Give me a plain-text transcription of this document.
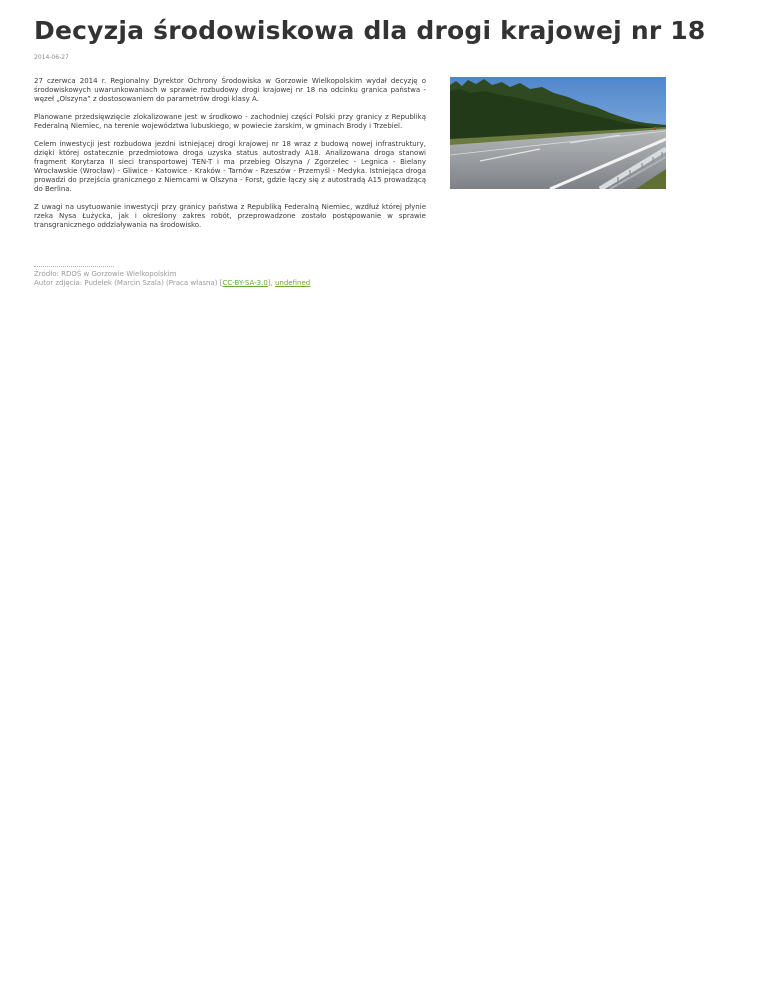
Decyzja środowiskowa dla drogi krajowej nr 18
2014-06-27

27 czerwca 2014 r. Regionalny Dyrektor Ochrony Środowiska w Gorzowie Wielkopolskim wydał decyzję o środowiskowych uwarunkowaniach w sprawie rozbudowy drogi krajowej nr 18 na odcinku granica państwa - węzeł „Olszyna” z dostosowaniem do parametrów drogi klasy A.

Planowane przedsięwzięcie zlokalizowane jest w środkowo - zachodniej części Polski przy granicy z Republiką Federalną Niemiec, na terenie województwa lubuskiego, w powiecie żarskim, w gminach Brody i Trzebiel.

Celem inwestycji jest rozbudowa jezdni istniejącej drogi krajowej nr 18 wraz z budową nowej infrastruktury, dzięki której ostatecznie przedmiotowa droga uzyska status autostrady A18. Analizowana droga stanowi fragment Korytarza II sieci transportowej TEN-T i ma przebieg Olszyna / Zgorzelec - Legnica - Bielany Wrocławskie (Wrocław) - Gliwice - Katowice - Kraków - Tarnów - Rzeszów - Przemyśl - Medyka. Istniejąca droga prowadzi do przejścia granicznego z Niemcami w Olszyna - Forst, gdzie łączy się z autostradą A15 prowadzącą do Berlina.

Z uwagi na usytuowanie inwestycji przy granicy państwa z Republiką Federalną Niemiec, wzdłuż której płynie rzeka Nysa Łużycka, jak i określony zakres robót, przeprowadzone zostało postępowanie w sprawie transgranicznego oddziaływania na środowisko.

Źródło: RDOŚ w Gorzowie Wielkopolskim
Autor zdjęcia: Pudelek (Marcin Szala) (Praca własna) [CC-BY-SA-3.0], undefined
